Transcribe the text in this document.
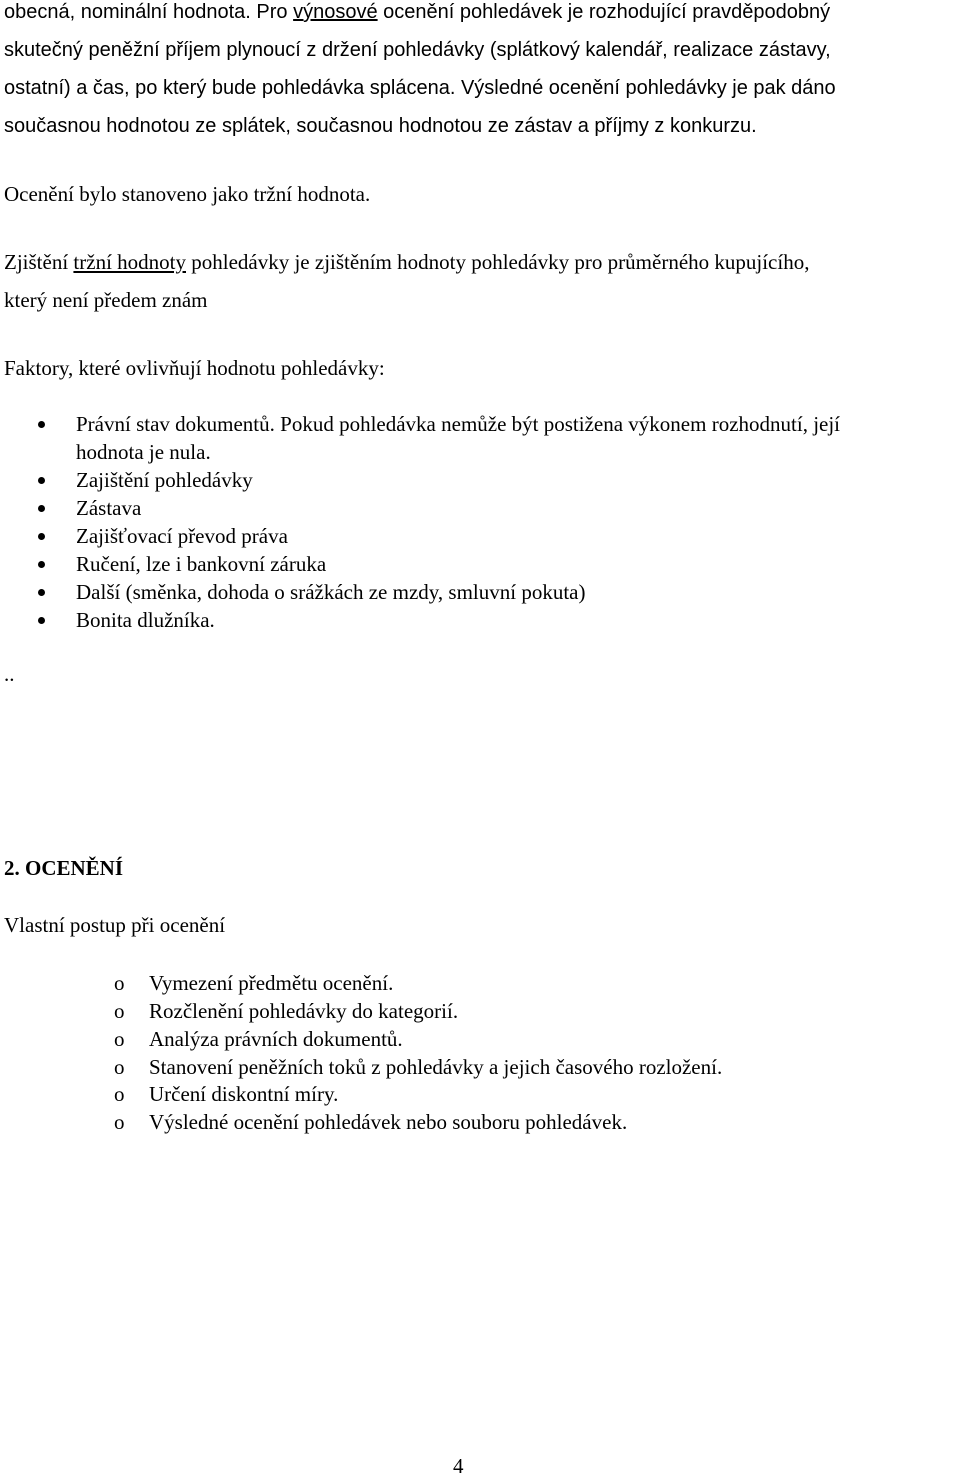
obecná, nominální hodnota. Pro výnosové ocenění pohledávek je rozhodující pravděpodobný
skutečný peněžní příjem plynoucí z držení pohledávky (splátkový kalendář, realizace zástavy,
ostatní) a čas, po který bude pohledávka splácena. Výsledné ocenění pohledávky je pak dáno
současnou hodnotou ze splátek, současnou hodnotou ze zástav a příjmy z konkurzu.
Ocenění bylo stanoveno jako tržní hodnota.
Zjištění tržní hodnoty pohledávky je zjištěním hodnoty pohledávky pro průměrného kupujícího,
který není předem znám
Faktory, které ovlivňují hodnotu pohledávky:
Právní stav dokumentů. Pokud pohledávka nemůže být postižena výkonem rozhodnutí, její
hodnota je nula.
Zajištění pohledávky
Zástava
Zajišťovací převod práva
Ručení, lze i bankovní záruka
Další (směnka, dohoda o srážkách ze mzdy, smluvní pokuta)
Bonita dlužníka.
..
2. OCENĚNÍ
Vlastní postup při ocenění
o Vymezení předmětu ocenění.
o Rozčlenění pohledávky do kategorií.
o Analýza právních dokumentů.
o Stanovení peněžních toků z pohledávky a jejich časového rozložení.
o Určení diskontní míry.
o Výsledné ocenění pohledávek nebo souboru pohledávek.
4
